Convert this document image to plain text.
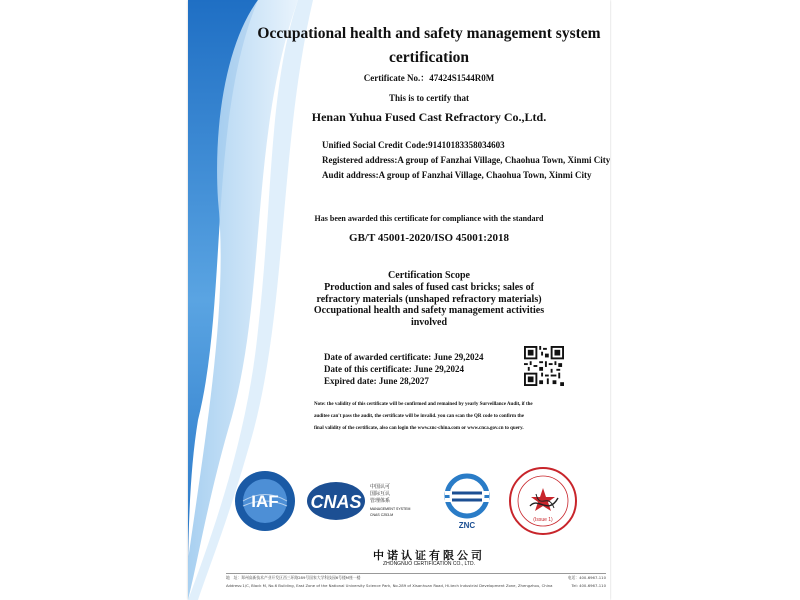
Occupational health and safety management system
certification
Certificate No.：47424S1544R0M
This is to certify that
Henan Yuhua Fused Cast Refractory Co.,Ltd.
Unified Social Credit Code:91410183358034603
Registered address:A group of Fanzhai Village, Chaohua Town, Xinmi City
Audit address:A group of Fanzhai Village, Chaohua Town, Xinmi City
Has been awarded this certificate for compliance with the standard
GB/T 45001-2020/ISO 45001:2018
Certification Scope
Production and sales of fused cast bricks; sales of
refractory materials (unshaped refractory materials)
Occupational health and safety management activities
involved
Date of awarded certificate: June 29,2024
Date of this certificate: June 29,2024
Expired date: June 28,2027
Note: the validity of this certificate will be confirmed and remained by yearly Surveillance Audit, if the
auditee can't pass the audit, the certificate will be invalid. you can scan the QR code to confirm the
final validity of the certificate, also can login the www.znc-china.com or www.cnca.gov.cn to query.
IAF CNAS
中国认可
国际互认
管理体系
MANAGEMENT SYSTEM
CNAS C253-M
ZNC
(Issue 1)
中诺认证有限公司
ZHONGNUO CERTIFICATION CO., LTD.
地　址：郑州高新技术产业开发区西三环路289号国家大学科技园6号楼M座一楼	电话：400-6967-110
Address:1/C, Block M, No.6 Building, East Zone of the National University Science Park, No.289 of Xisanhuan Road, Hi-tech Industrial Development Zone, Zhengzhou, China	Tel: 400-6967-110
